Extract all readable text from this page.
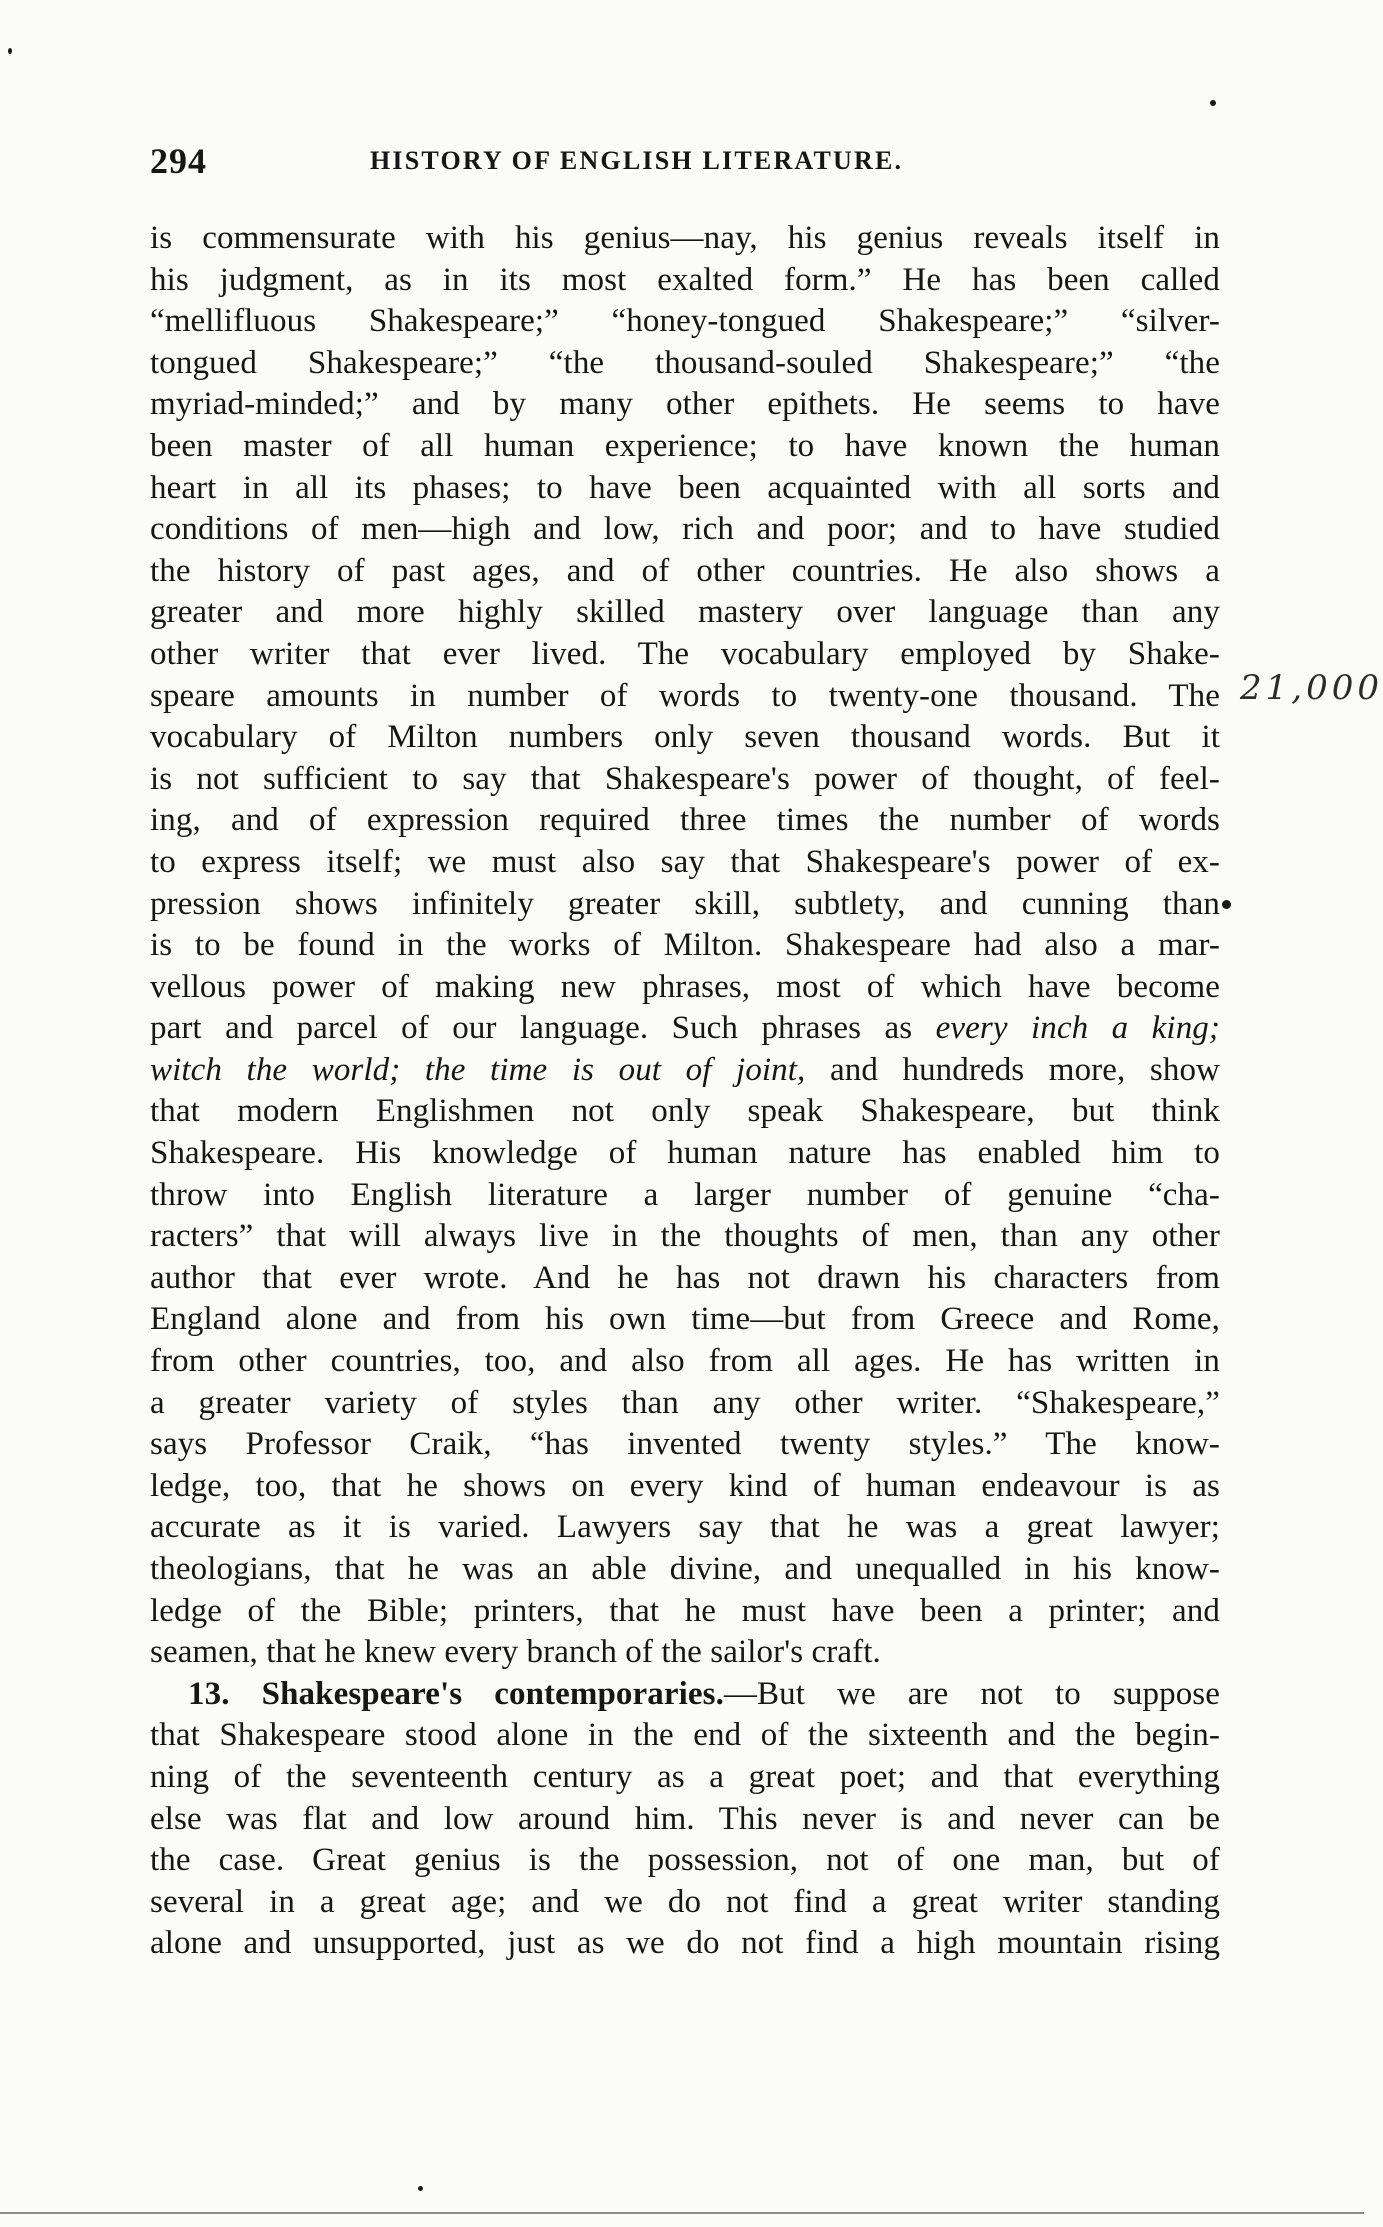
294	HISTORY OF ENGLISH LITERATURE.
is commensurate with his genius—nay, his genius reveals itself in
his judgment, as in its most exalted form.” He has been called
“mellifluous Shakespeare;” “honey-tongued Shakespeare;” “silver-
tongued Shakespeare;” “the thousand-souled Shakespeare;” “the
myriad-minded;” and by many other epithets. He seems to have
been master of all human experience; to have known the human
heart in all its phases; to have been acquainted with all sorts and
conditions of men—high and low, rich and poor; and to have studied
the history of past ages, and of other countries. He also shows a
greater and more highly skilled mastery over language than any
other writer that ever lived. The vocabulary employed by Shake-
speare amounts in number of words to twenty-one thousand. The
vocabulary of Milton numbers only seven thousand words. But it
is not sufficient to say that Shakespeare's power of thought, of feel-
ing, and of expression required three times the number of words
to express itself; we must also say that Shakespeare's power of ex-
pression shows infinitely greater skill, subtlety, and cunning than
is to be found in the works of Milton. Shakespeare had also a mar-
vellous power of making new phrases, most of which have become
part and parcel of our language. Such phrases as every inch a king;
witch the world; the time is out of joint, and hundreds more, show
that modern Englishmen not only speak Shakespeare, but think
Shakespeare. His knowledge of human nature has enabled him to
throw into English literature a larger number of genuine “cha-
racters” that will always live in the thoughts of men, than any other
author that ever wrote. And he has not drawn his characters from
England alone and from his own time—but from Greece and Rome,
from other countries, too, and also from all ages. He has written in
a greater variety of styles than any other writer. “Shakespeare,”
says Professor Craik, “has invented twenty styles.” The know-
ledge, too, that he shows on every kind of human endeavour is as
accurate as it is varied. Lawyers say that he was a great lawyer;
theologians, that he was an able divine, and unequalled in his know-
ledge of the Bible; printers, that he must have been a printer; and
seamen, that he knew every branch of the sailor's craft.
13. Shakespeare's contemporaries.—But we are not to suppose
that Shakespeare stood alone in the end of the sixteenth and the begin-
ning of the seventeenth century as a great poet; and that everything
else was flat and low around him. This never is and never can be
the case. Great genius is the possession, not of one man, but of
several in a great age; and we do not find a great writer standing
alone and unsupported, just as we do not find a high mountain rising
21,000
